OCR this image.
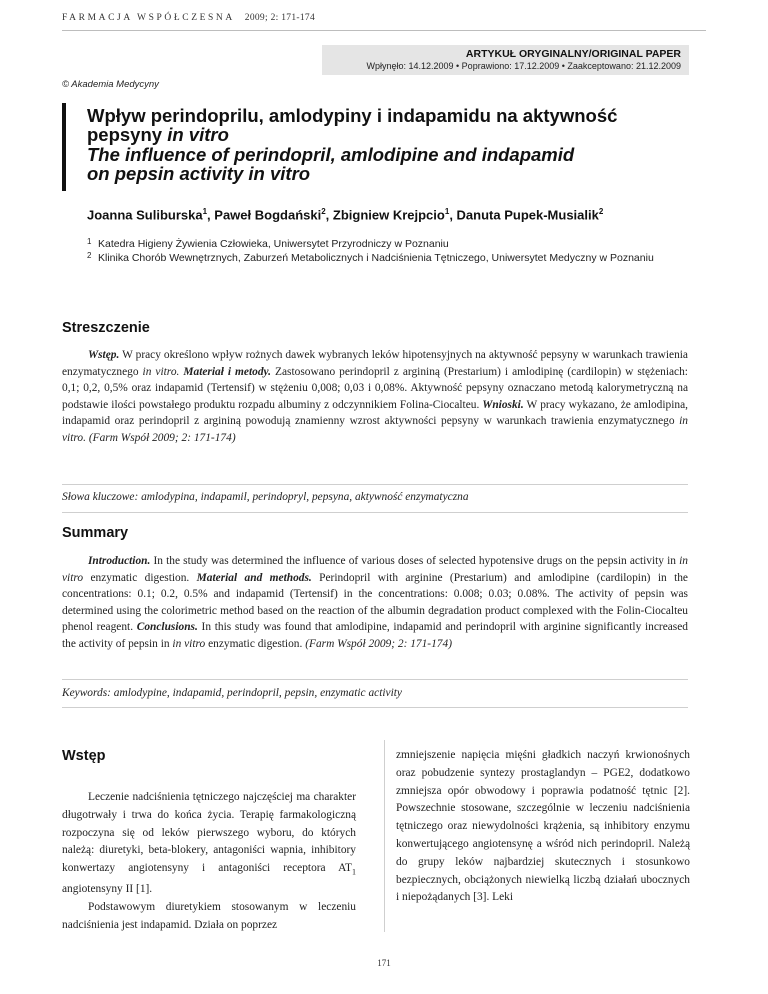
FARMACJA WSPÓŁCZESNA 2009; 2: 171-174
ARTYKUŁ ORYGINALNY/ORIGINAL PAPER
Wpłynęło: 14.12.2009 • Poprawiono: 17.12.2009 • Zaakceptowano: 21.12.2009
© Akademia Medycyny
Wpływ perindoprilu, amlodypiny i indapamidu na aktywność
pepsyny in vitro
The influence of perindopril, amlodipine and indapamid
on pepsin activity in vitro
Joanna Suliburska$^1$, Paweł Bogdański$^2$, Zbigniew Krejpcio$^1$, Danuta Pupek-Musialik$^2$
1 Katedra Higieny Żywienia Człowieka, Uniwersytet Przyrodniczy w Poznaniu
2 Klinika Chorób Wewnętrznych, Zaburzeń Metabolicznych i Nadciśnienia Tętniczego, Uniwersytet Medyczny w Poznaniu
Streszczenie
Wstęp. W pracy określono wpływ rożnych dawek wybranych leków hipotensyjnych na aktywność pepsyny w warunkach trawienia enzymatycznego in vitro. Materiał i metody. Zastosowano perindopril z argininą (Prestarium) i amlodipinę (cardilopin) w stężeniach: 0,1; 0,2, 0,5% oraz indapamid (Tertensif) w stężeniu 0,008; 0,03 i 0,08%. Aktywność pepsyny oznaczano metodą kalorymetryczną na podstawie ilości powstałego produktu rozpadu albuminy z odczynnikiem Folina-Ciocalteu. Wnioski. W pracy wykazano, że amlodipina, indapamid oraz perindopril z argininą powodują znamienny wzrost aktywności pepsyny w warunkach trawienia enzymatycznego in vitro. (Farm Współ 2009; 2: 171-174)
Słowa kluczowe: amlodypina, indapamil, perindopryl, pepsyna, aktywność enzymatyczna
Summary
Introduction. In the study was determined the influence of various doses of selected hypotensive drugs on the pepsin activity in in vitro enzymatic digestion. Material and methods. Perindopril with arginine (Prestarium) and amlodipine (cardilopin) in the concentrations: 0.1; 0.2, 0.5% and indapamid (Tertensif) in the concentrations: 0.008; 0.03; 0.08%. The activity of pepsin was determined using the colorimetric method based on the reaction of the albumin degradation product complexed with the Folin-Ciocalteu phenol reagent. Conclusions. In this study was found that amlodipine, indapamid and perindopril with arginine significantly increased the activity of pepsin in in vitro enzymatic digestion. (Farm Współ 2009; 2: 171-174)
Keywords: amlodypine, indapamid, perindopril, pepsin, enzymatic activity
Wstęp

Leczenie nadciśnienia tętniczego najczęściej ma charakter długotrwały i trwa do końca życia. Terapię farmakologiczną rozpoczyna się od leków pierwszego wyboru, do których należą: diuretyki, beta-blokery, antagoniści wapnia, inhibitory konwertazy angiotensyny i antagoniści receptora $AT_1$ angiotensyny II [1].

Podstawowym diuretykiem stosowanym w leczeniu nadciśnienia jest indapamid. Działa on poprzez

zmniejszenie napięcia mięśni gładkich naczyń krwionośnych oraz pobudzenie syntezy prostaglandyn – PGE2, dodatkowo zmniejsza opór obwodowy i poprawia podatność tętnic [2]. Powszechnie stosowane, szczególnie w leczeniu nadciśnienia tętniczego oraz niewydolności krążenia, są inhibitory enzymu konwertującego angiotensynę a wśród nich perindopril. Należą do grupy leków najbardziej skutecznych i stosunkowo bezpiecznych, obciążonych niewielką liczbą działań ubocznych i niepożądanych [3]. Leki

171
